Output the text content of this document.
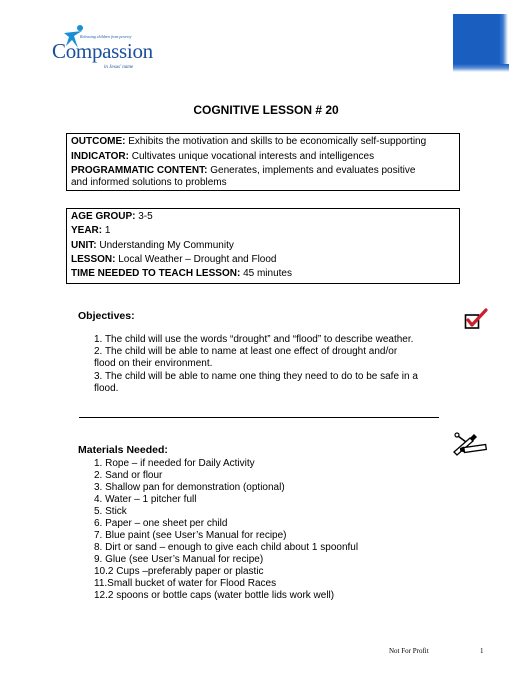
Releasing children from poverty
Compassion
in Jesus' name
COGNITIVE LESSON # 20
OUTCOME: Exhibits the motivation and skills to be economically self-supporting
INDICATOR: Cultivates unique vocational interests and intelligences
PROGRAMMATIC CONTENT: Generates, implements and evaluates positive
and informed solutions to problems
AGE GROUP: 3-5
YEAR: 1
UNIT: Understanding My Community
LESSON: Local Weather – Drought and Flood
TIME NEEDED TO TEACH LESSON: 45 minutes
Objectives:
1. The child will use the words “drought” and “flood” to describe weather.
2. The child will be able to name at least one effect of drought and/or
flood on their environment.
3. The child will be able to name one thing they need to do to be safe in a
flood.
Materials Needed:
1. Rope – if needed for Daily Activity
2. Sand or flour
3. Shallow pan for demonstration (optional)
4. Water – 1 pitcher full
5. Stick
6. Paper – one sheet per child
7. Blue paint (see User’s Manual for recipe)
8. Dirt or sand – enough to give each child about 1 spoonful
9. Glue (see User’s Manual for recipe)
10.2 Cups –preferably paper or plastic
11.Small bucket of water for Flood Races
12.2 spoons or bottle caps (water bottle lids work well)
Not For Profit	1
